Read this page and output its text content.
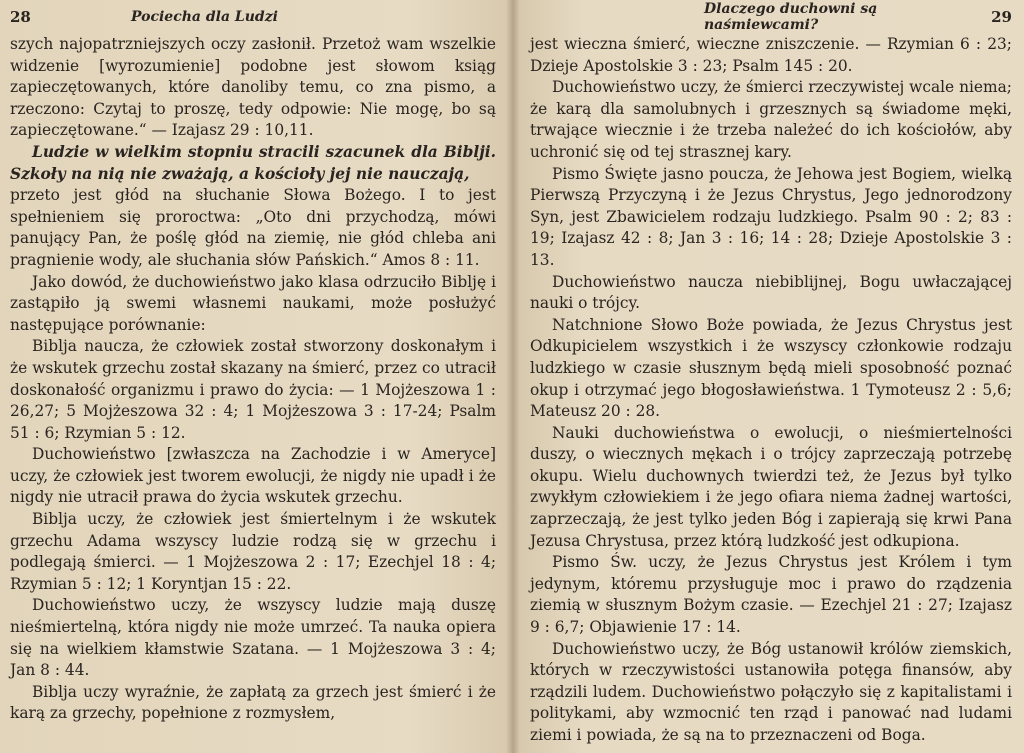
28	Pociecha dla Ludzi

szych najopatrzniejszych oczy zasłonił. Przetoż wam wszelkie widzenie [wyrozumienie] podobne jest słowom ksiąg zapieczętowanych, które danoliby temu, co zna pismo, a rzeczono: Czytaj to proszę, tedy odpowie: Nie mogę, bo są zapieczętowane.“ — Izajasz 29 : 10,11.

Ludzie w wielkim stopniu stracili szacunek dla Biblji. Szkoły na nią nie zważają, a kościoły jej nie nauczają,

przeto jest głód na słuchanie Słowa Bożego. I to jest spełnieniem się proroctwa: „Oto dni przychodzą, mówi panujący Pan, że poślę głód na ziemię, nie głód chleba ani pragnienie wody, ale słuchania słów Pańskich.“ Amos 8 : 11.

Jako dowód, że duchowieństwo jako klasa odrzuciło Biblję i zastąpiło ją swemi własnemi naukami, może posłużyć następujące porównanie:

Biblja naucza, że człowiek został stworzony doskonałym i że wskutek grzechu został skazany na śmierć, przez co utracił doskonałość organizmu i prawo do życia: — 1 Mojżeszowa 1 : 26,27; 5 Mojżeszowa 32 : 4; 1 Mojżeszowa 3 : 17-24; Psalm 51 : 6; Rzymian 5 : 12.

Duchowieństwo [zwłaszcza na Zachodzie i w Ameryce] uczy, że człowiek jest tworem ewolucji, że nigdy nie upadł i że nigdy nie utracił prawa do życia wskutek grzechu.

Biblja uczy, że człowiek jest śmiertelnym i że wskutek grzechu Adama wszyscy ludzie rodzą się w grzechu i podlegają śmierci. — 1 Mojżeszowa 2 : 17; Ezechjel 18 : 4; Rzymian 5 : 12; 1 Koryntjan 15 : 22.

Duchowieństwo uczy, że wszyscy ludzie mają duszę nieśmiertelną, która nigdy nie może umrzeć. Ta nauka opiera się na wielkiem kłamstwie Szatana. — 1 Mojżeszowa 3 : 4; Jan 8 : 44.

Biblja uczy wyraźnie, że zapłatą za grzech jest śmierć i że karą za grzechy, popełnione z rozmysłem,

Dlaczego duchowni są naśmiewcami?	29

jest wieczna śmierć, wieczne zniszczenie. — Rzymian 6 : 23; Dzieje Apostolskie 3 : 23; Psalm 145 : 20.

Duchowieństwo uczy, że śmierci rzeczywistej wcale niema; że karą dla samolubnych i grzesznych są świadome męki, trwające wiecznie i że trzeba należeć do ich kościołów, aby uchronić się od tej strasznej kary.

Pismo Święte jasno poucza, że Jehowa jest Bogiem, wielką Pierwszą Przyczyną i że Jezus Chrystus, Jego jednorodzony Syn, jest Zbawicielem rodzaju ludzkiego. Psalm 90 : 2; 83 : 19; Izajasz 42 : 8; Jan 3 : 16; 14 : 28; Dzieje Apostolskie 3 : 13.

Duchowieństwo naucza niebiblijnej, Bogu uwłaczającej nauki o trójcy.

Natchnione Słowo Boże powiada, że Jezus Chrystus jest Odkupicielem wszystkich i że wszyscy członkowie rodzaju ludzkiego w czasie słusznym będą mieli sposobność poznać okup i otrzymać jego błogosławieństwa. 1 Tymoteusz 2 : 5,6; Mateusz 20 : 28.

Nauki duchowieństwa o ewolucji, o nieśmiertelności duszy, o wiecznych mękach i o trójcy zaprzeczają potrzebę okupu. Wielu duchownych twierdzi też, że Jezus był tylko zwykłym człowiekiem i że jego ofiara niema żadnej wartości, zaprzeczają, że jest tylko jeden Bóg i zapierają się krwi Pana Jezusa Chrystusa, przez którą ludzkość jest odkupiona.

Pismo Św. uczy, że Jezus Chrystus jest Królem i tym jedynym, któremu przysługuje moc i prawo do rządzenia ziemią w słusznym Bożym czasie. — Ezechjel 21 : 27; Izajasz 9 : 6,7; Objawienie 17 : 14.

Duchowieństwo uczy, że Bóg ustanowił królów ziemskich, których w rzeczywistości ustanowiła potęga finansów, aby rządzili ludem. Duchowieństwo połączyło się z kapitalistami i politykami, aby wzmocnić ten rząd i panować nad ludami ziemi i powiada, że są na to przeznaczeni od Boga.
